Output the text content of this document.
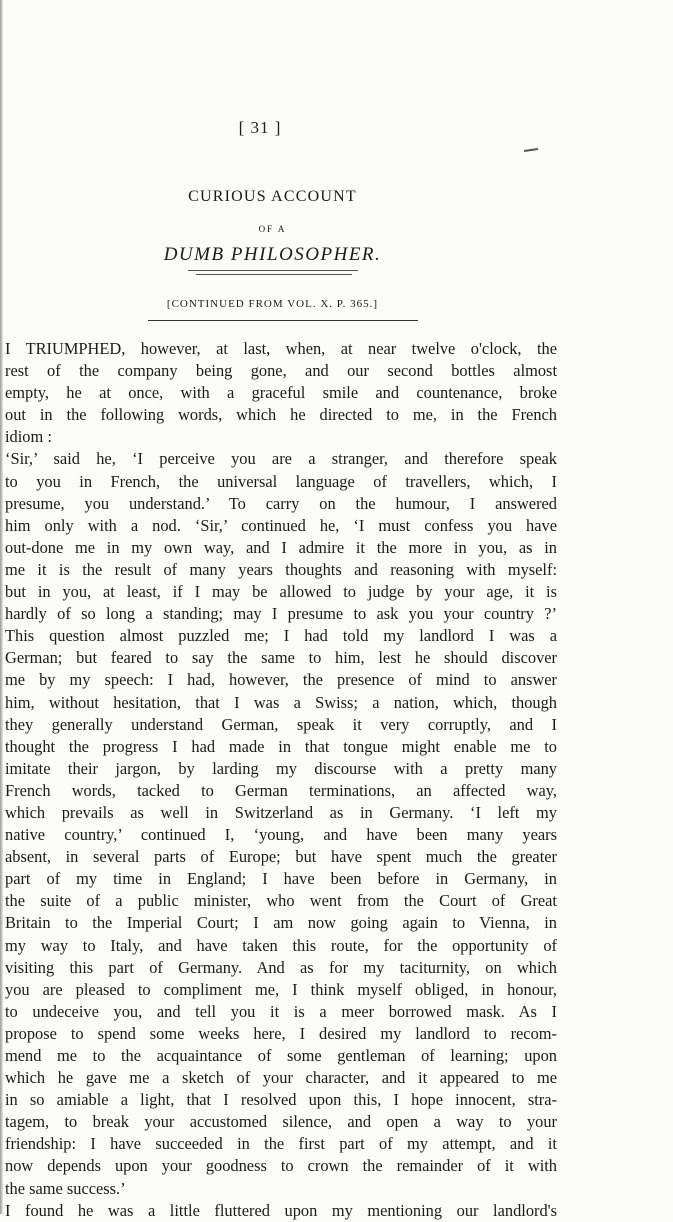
[ 31 ]
CURIOUS ACCOUNT
OF A
DUMB PHILOSOPHER.
[CONTINUED FROM VOL. X. P. 365.]
I TRIUMPHED, however, at last, when, at near twelve o'clock, the
rest of the company being gone, and our second bottles almost
empty, he at once, with a graceful smile and countenance, broke
out in the following words, which he directed to me, in the French
idiom :
‘Sir,’ said he, ‘I perceive you are a stranger, and therefore speak
to you in French, the universal language of travellers, which, I
presume, you understand.’ To carry on the humour, I answered
him only with a nod. ‘Sir,’ continued he, ‘I must confess you have
out-done me in my own way, and I admire it the more in you, as in
me it is the result of many years thoughts and reasoning with myself:
but in you, at least, if I may be allowed to judge by your age, it is
hardly of so long a standing; may I presume to ask you your country ?’
This question almost puzzled me; I had told my landlord I was a
German; but feared to say the same to him, lest he should discover
me by my speech: I had, however, the presence of mind to answer
him, without hesitation, that I was a Swiss; a nation, which, though
they generally understand German, speak it very corruptly, and I
thought the progress I had made in that tongue might enable me to
imitate their jargon, by larding my discourse with a pretty many
French words, tacked to German terminations, an affected way,
which prevails as well in Switzerland as in Germany. ‘I left my
native country,’ continued I, ‘young, and have been many years
absent, in several parts of Europe; but have spent much the greater
part of my time in England; I have been before in Germany, in
the suite of a public minister, who went from the Court of Great
Britain to the Imperial Court; I am now going again to Vienna, in
my way to Italy, and have taken this route, for the opportunity of
visiting this part of Germany. And as for my taciturnity, on which
you are pleased to compliment me, I think myself obliged, in honour,
to undeceive you, and tell you it is a meer borrowed mask. As I
propose to spend some weeks here, I desired my landlord to recom-
mend me to the acquaintance of some gentleman of learning; upon
which he gave me a sketch of your character, and it appeared to me
in so amiable a light, that I resolved upon this, I hope innocent, stra-
tagem, to break your accustomed silence, and open a way to your
friendship: I have succeeded in the first part of my attempt, and it
now depends upon your goodness to crown the remainder of it with
the same success.’
I found he was a little fluttered upon my mentioning our landlord's
